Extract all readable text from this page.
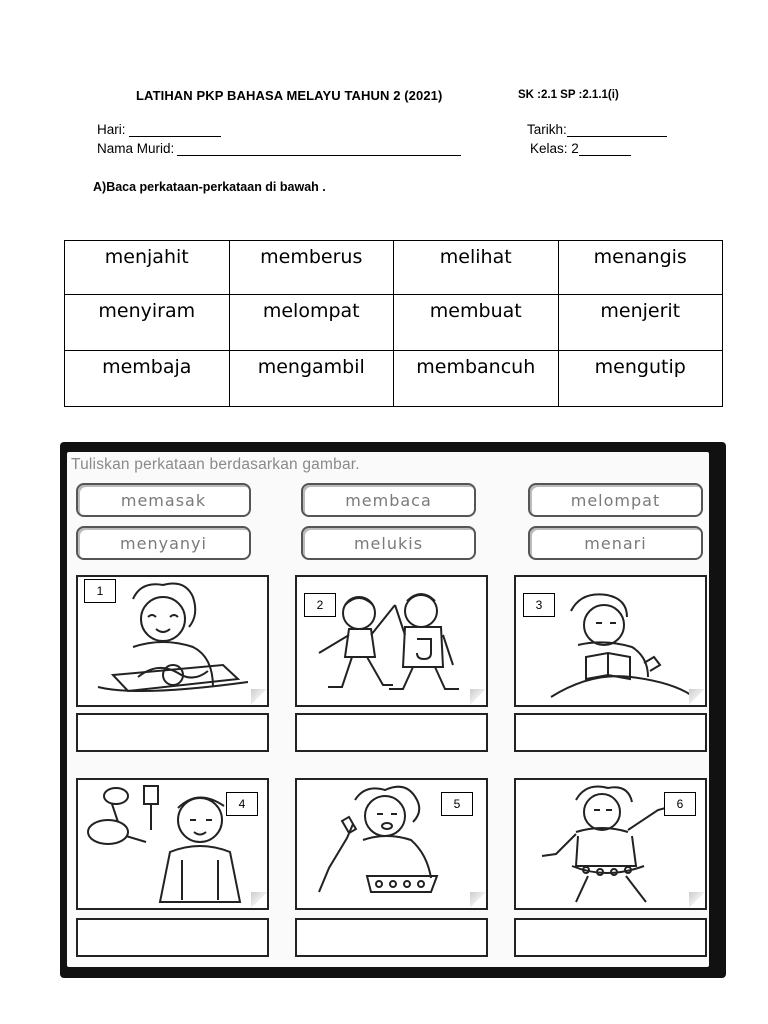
LATIHAN PKP BAHASA MELAYU TAHUN 2 (2021)	SK :2.1 SP :2.1.1(i)
Hari:
Nama Murid:
Tarikh:
Kelas: 2
A)Baca perkataan-perkataan di bawah .
menjahit	memberus	melihat	menangis
menyiram	melompat	membuat	menjerit
membaja	mengambil	membancuh	mengutip
Tuliskan perkataan berdasarkan gambar.
memasak	membaca	melompat
menyanyi	melukis	menari
1
2	3
4	5	6
